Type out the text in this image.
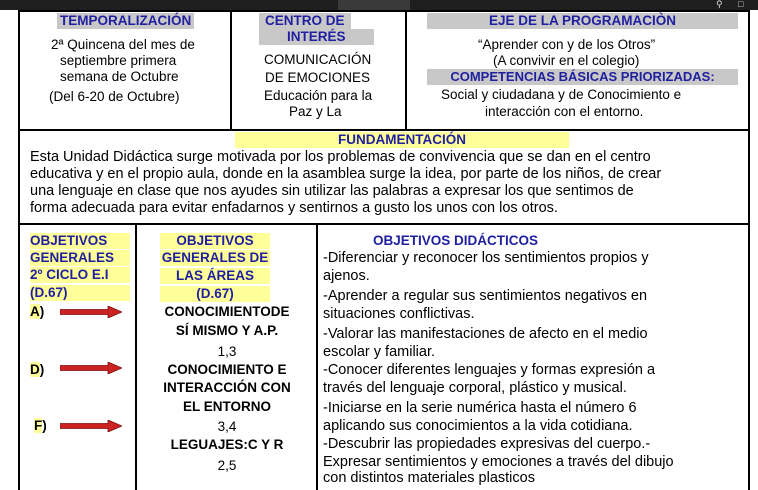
⚲ □
TEMPORALIZACIÓN
2ª Quincena del mes de
septiembre primera
semana de Octubre
(Del 6-20 de Octubre)
CENTRO DE
INTERÉS
COMUNICACIÓN
DE EMOCIONES
Educación para la
Paz y La
EJE DE LA PROGRAMACIÒN
“Aprender con y de los Otros”
(A convivir en el colegio)
COMPETENCIAS BÁSICAS PRIORIZADAS:
Social y ciudadana y de Conocimiento e
interacción con el entorno.
FUNDAMENTACIÓN
Esta Unidad Didáctica surge motivada por los problemas de convivencia que se dan en el centro
educativa y en el propio aula, donde en la asamblea surge la idea, por parte de los niños, de crear
una lenguaje en clase que nos ayudes sin utilizar las palabras a expresar los que sentimos de
forma adecuada para evitar enfadarnos y sentirnos a gusto los unos con los otros.
OBJETIVOS
GENERALES
2º CICLO E.I
(D.67)
A)
D)
F)
OBJETIVOS
GENERALES DE
LAS ÁREAS
(D.67)
CONOCIMIENTODE
SÍ MISMO Y A.P.
1,3
CONOCIMIENTO E
INTERACCIÓN CON
EL ENTORNO
3,4
LEGUAJES:C Y R
2,5
OBJETIVOS DIDÁCTICOS
-Diferenciar y reconocer los sentimientos propios y
ajenos.
-Aprender a regular sus sentimientos negativos en
situaciones conflictivas.
-Valorar las manifestaciones de afecto en el medio
escolar y familiar.
-Conocer diferentes lenguajes y formas expresión a
través del lenguaje corporal, plástico y musical.
-Iniciarse en la serie numérica hasta el número 6
aplicando sus conocimientos a la vida cotidiana.
-Descubrir las propiedades expresivas del cuerpo.-
Expresar sentimientos y emociones a través del dibujo
con distintos materiales plasticos
